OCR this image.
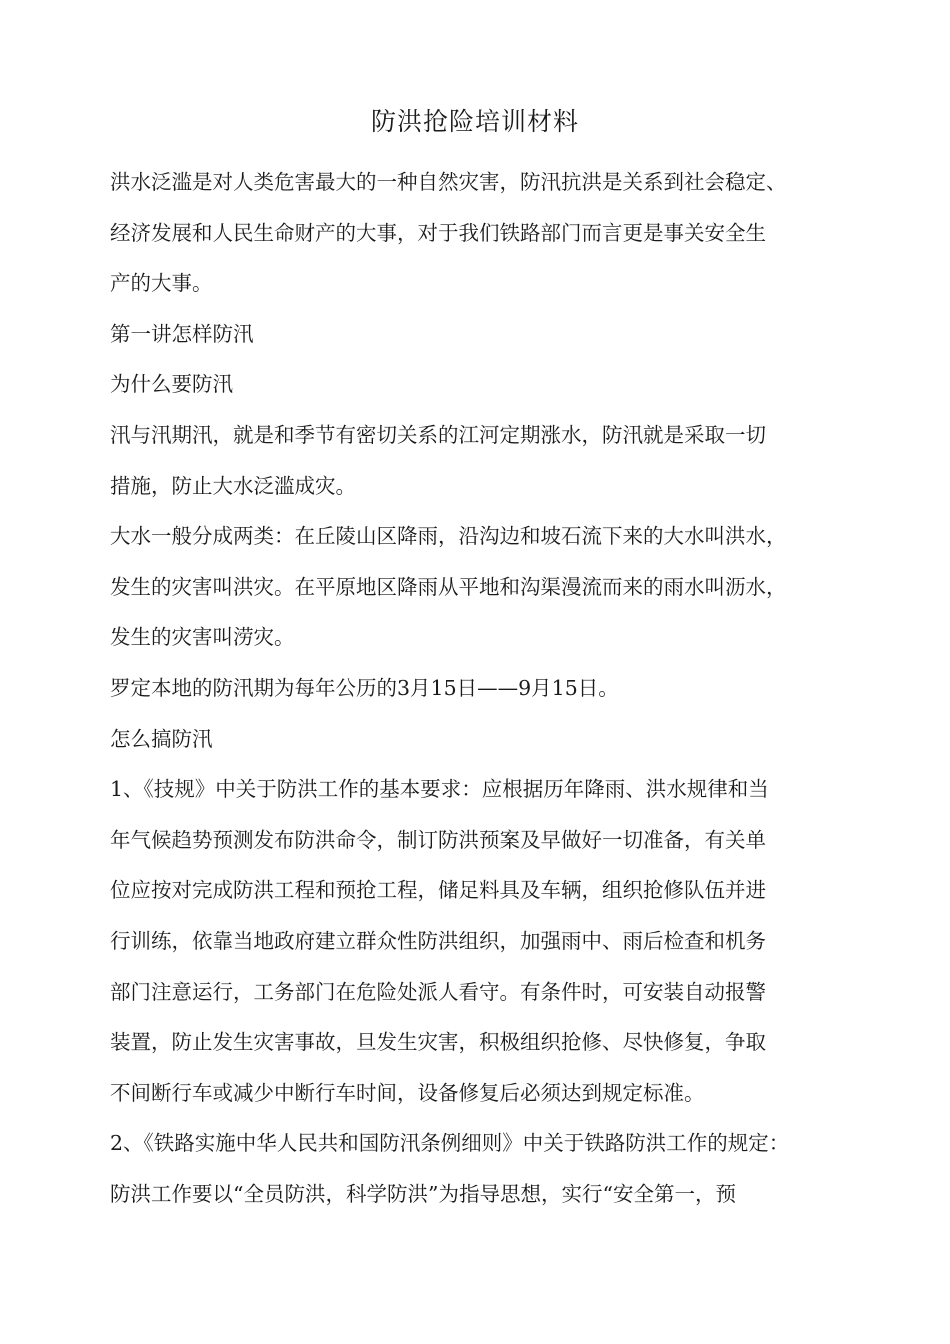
防洪抢险培训材料
洪水泛滥是对人类危害最大的一种自然灾害，防汛抗洪是关系到社会稳定、
经济发展和人民生命财产的大事，对于我们铁路部门而言更是事关安全生
产的大事。
第一讲怎样防汛
为什么要防汛
汛与汛期汛，就是和季节有密切关系的江河定期涨水，防汛就是采取一切
措施，防止大水泛滥成灾。
大水一般分成两类：在丘陵山区降雨，沿沟边和坡石流下来的大水叫洪水，
发生的灾害叫洪灾。在平原地区降雨从平地和沟渠漫流而来的雨水叫沥水，
发生的灾害叫涝灾。
罗定本地的防汛期为每年公历的3月15日——9月15日。
怎么搞防汛
1、《技规》中关于防洪工作的基本要求：应根据历年降雨、洪水规律和当
年气候趋势预测发布防洪命令，制订防洪预案及早做好一切准备，有关单
位应按对完成防洪工程和预抢工程，储足料具及车辆，组织抢修队伍并进
行训练，依靠当地政府建立群众性防洪组织，加强雨中、雨后检查和机务
部门注意运行，工务部门在危险处派人看守。有条件时，可安装自动报警
装置，防止发生灾害事故，旦发生灾害，积极组织抢修、尽快修复，争取
不间断行车或减少中断行车时间，设备修复后必须达到规定标准。
2、《铁路实施中华人民共和国防汛条例细则》中关于铁路防洪工作的规定：
防洪工作要以“全员防洪，科学防洪”为指导思想，实行“安全第一，预
